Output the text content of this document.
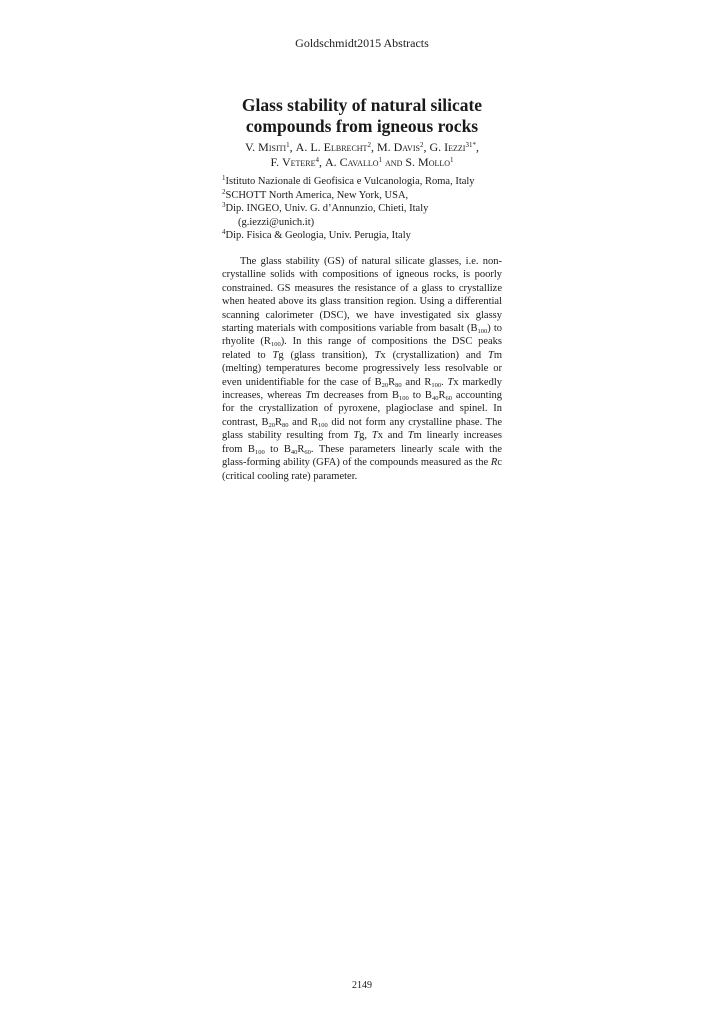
Goldschmidt2015 Abstracts
Glass stability of natural silicate
compounds from igneous rocks
V. Misiti$^1$, A. L. Elbrecht$^2$, M. Davis$^2$, G. Iezzi$^{31*}$,
F. Vetere$^4$, A. Cavallo$^1$ and S. Mollo$^1$

$^1$Istituto Nazionale di Geofisica e Vulcanologia, Roma, Italy

$^2$SCHOTT North America, New York, USA,

$^3$Dip. INGEO, Univ. G. d’Annunzio, Chieti, Italy

(g.iezzi@unich.it)

$^4$Dip. Fisica & Geologia, Univ. Perugia, Italy

The glass stability (GS) of natural silicate glasses, i.e. non-crystalline solids with compositions of igneous rocks, is poorly constrained. GS measures the resistance of a glass to crystallize when heated above its glass transition region. Using a differential scanning calorimeter (DSC), we have investigated six glassy starting materials with compositions variable from basalt $(B_{100})$ to rhyolite $(R_{100})$. In this range of compositions the DSC peaks related to Tg (glass transition), Tx (crystallization) and Tm (melting) temperatures become progressively less resolvable or even unidentifiable for the case of $B_{20}R_{80}$ and $R_{100}$. Tx markedly increases, whereas Tm decreases from $B_{100}$ to $B_{40}R_{60}$ accounting for the crystallization of pyroxene, plagioclase and spinel. In contrast, $B_{20}R_{80}$ and $R_{100}$ did not form any crystalline phase. The glass stability resulting from Tg, Tx and Tm linearly increases from $B_{100}$ to $B_{40}R_{60}$. These parameters linearly scale with the glass-forming ability (GFA) of the compounds measured as the Rc (critical cooling rate) parameter.

2149
